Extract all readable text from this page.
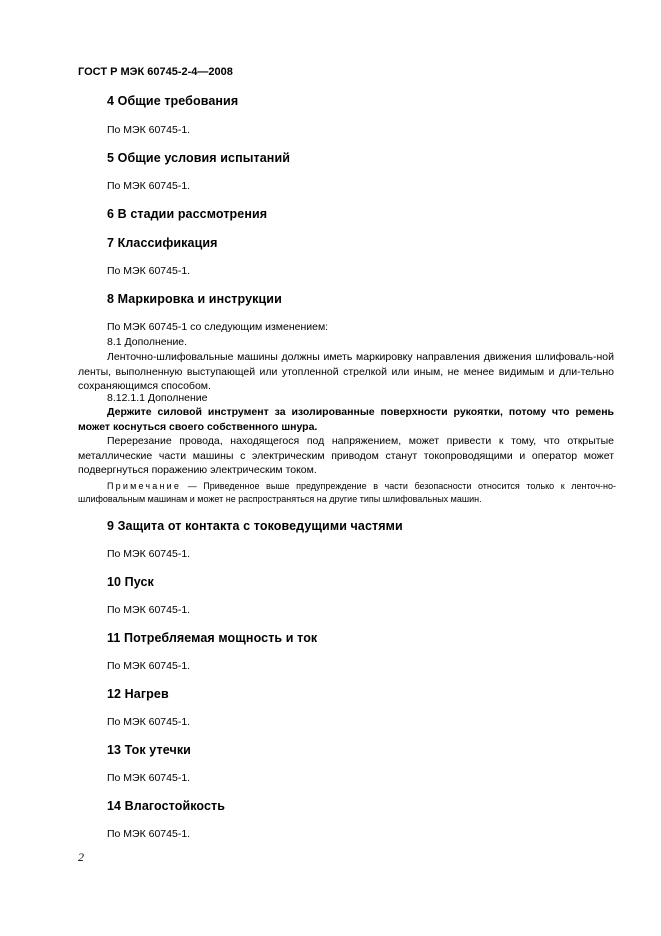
ГОСТ Р МЭК 60745-2-4—2008
4 Общие требования
По МЭК 60745-1.
5 Общие условия испытаний
По МЭК 60745-1.
6 В стадии рассмотрения
7 Классификация
По МЭК 60745-1.
8 Маркировка и инструкции
По МЭК 60745-1 со следующим изменением:
8.1 Дополнение.
Ленточно-шлифовальные машины должны иметь маркировку направления движения шлифоваль-ной ленты, выполненную выступающей или утопленной стрелкой или иным, не менее видимым и дли-тельно сохраняющимся способом.
8.12.1.1 Дополнение
Держите силовой инструмент за изолированные поверхности рукоятки, потому что ремень может коснуться своего собственного шнура.
Перерезание провода, находящегося под напряжением, может привести к тому, что открытые металлические части машины с электрическим приводом станут токопроводящими и оператор может подвергнуться поражению электрическим током.
Примечание — Приведенное выше предупреждение в части безопасности относится только к ленточ-но-шлифовальным машинам и может не распространяться на другие типы шлифовальных машин.
9 Защита от контакта с токоведущими частями
По МЭК 60745-1.
10 Пуск
По МЭК 60745-1.
11 Потребляемая мощность и ток
По МЭК 60745-1.
12 Нагрев
По МЭК 60745-1.
13 Ток утечки
По МЭК 60745-1.
14 Влагостойкость
По МЭК 60745-1.
2
